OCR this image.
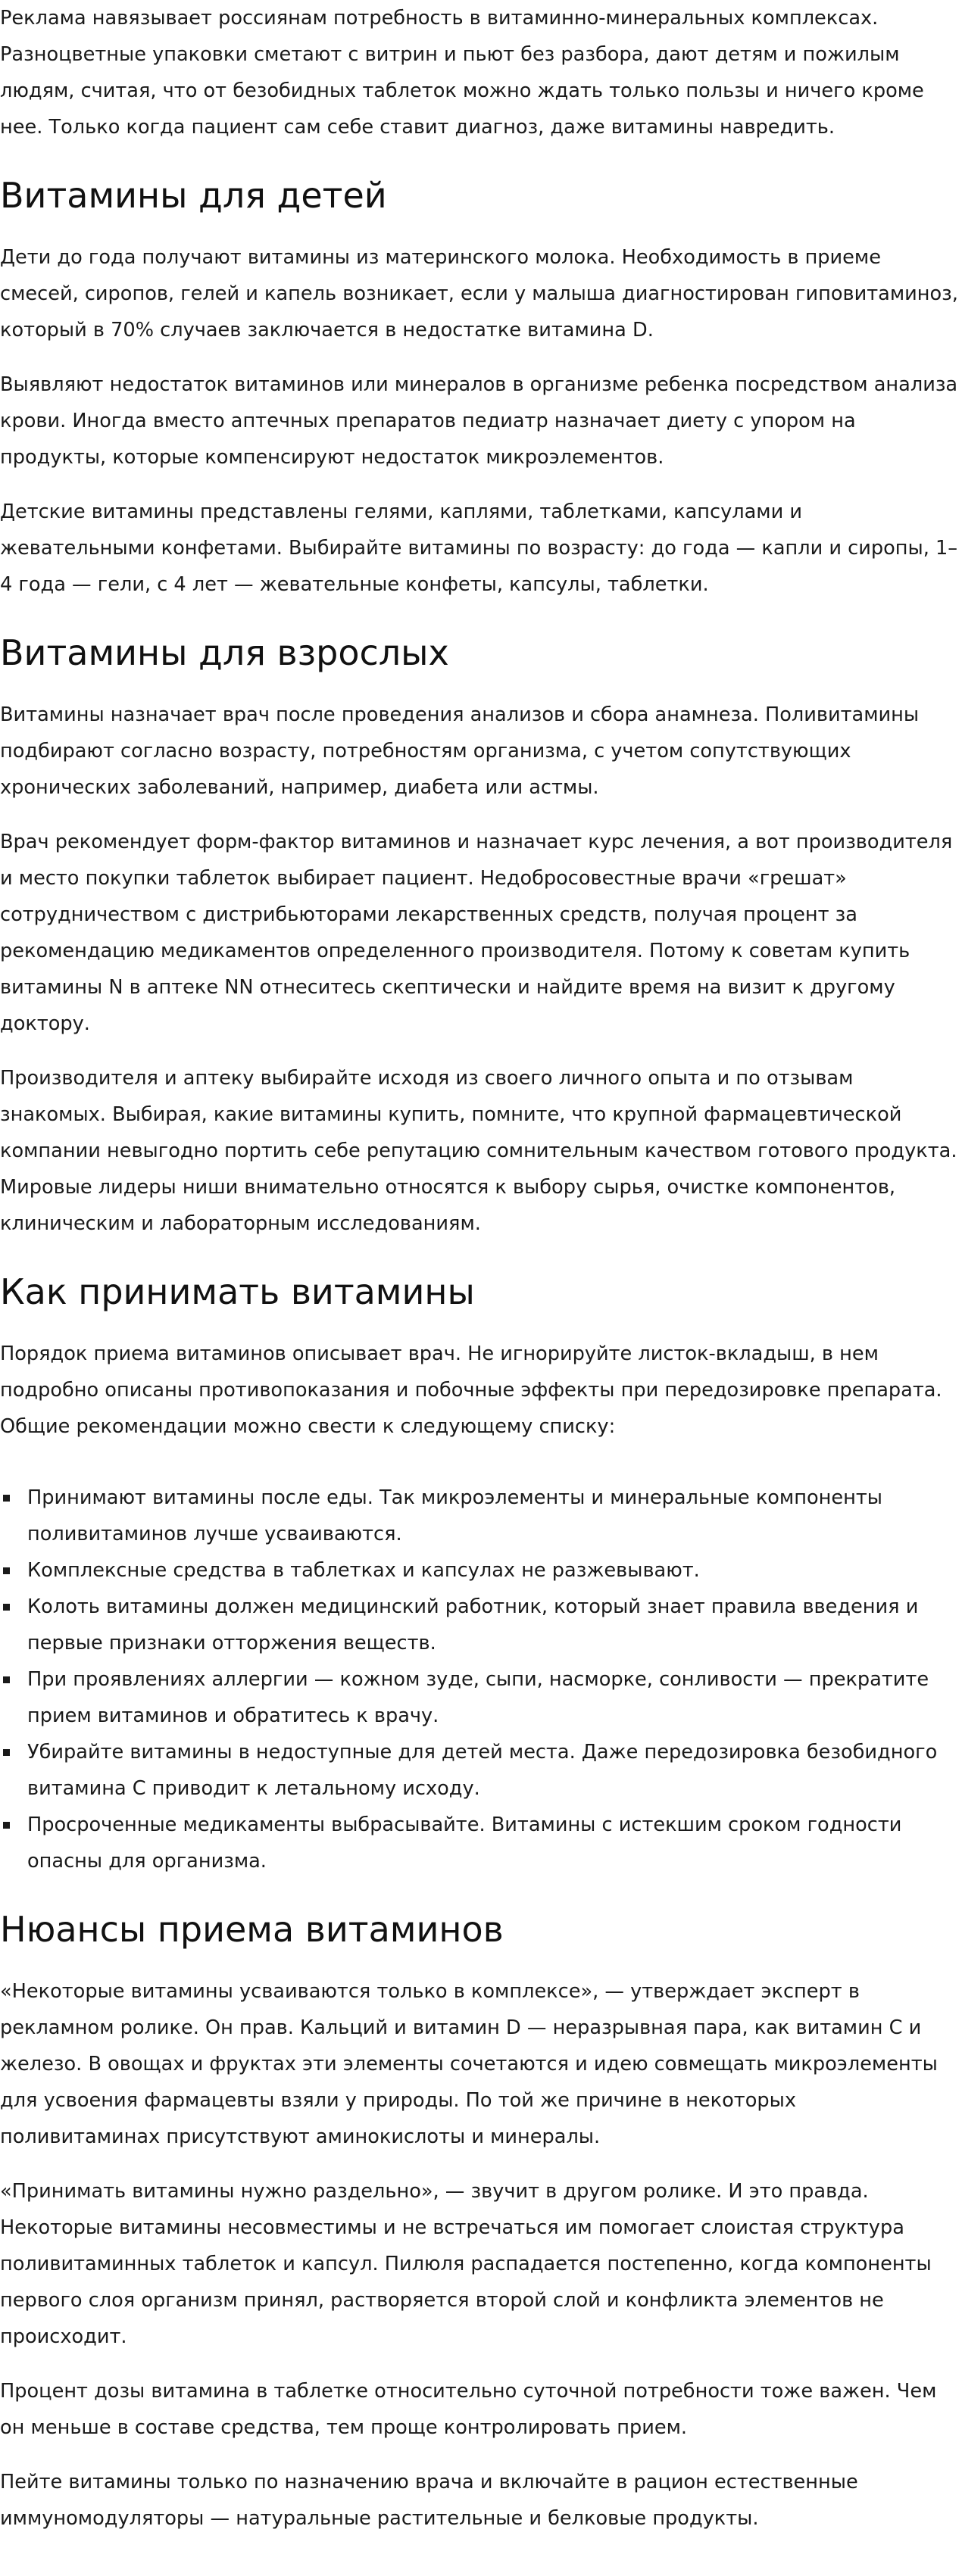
Реклама навязывает россиянам потребность в витаминно-минеральных комплексах. Разноцветные упаковки сметают с витрин и пьют без разбора, дают детям и пожилым людям, считая, что от безобидных таблеток можно ждать только пользы и ничего кроме нее. Только когда пациент сам себе ставит диагноз, даже витамины навредить.

Витамины для детей

Дети до года получают витамины из материнского молока. Необходимость в приеме смесей, сиропов, гелей и капель возникает, если у малыша диагностирован гиповитаминоз, который в 70% случаев заключается в недостатке витамина D.

Выявляют недостаток витаминов или минералов в организме ребенка посредством анализа крови. Иногда вместо аптечных препаратов педиатр назначает диету с упором на продукты, которые компенсируют недостаток микроэлементов.

Детские витамины представлены гелями, каплями, таблетками, капсулами и жевательными конфетами. Выбирайте витамины по возрасту: до года — капли и сиропы, 1–4 года — гели, с 4 лет — жевательные конфеты, капсулы, таблетки.

Витамины для взрослых

Витамины назначает врач после проведения анализов и сбора анамнеза. Поливитамины подбирают согласно возрасту, потребностям организма, с учетом сопутствующих хронических заболеваний, например, диабета или астмы.

Врач рекомендует форм-фактор витаминов и назначает курс лечения, а вот производителя и место покупки таблеток выбирает пациент. Недобросовестные врачи «грешат» сотрудничеством с дистрибьюторами лекарственных средств, получая процент за рекомендацию медикаментов определенного производителя. Потому к советам купить витамины N в аптеке NN отнеситесь скептически и найдите время на визит к другому доктору.

Производителя и аптеку выбирайте исходя из своего личного опыта и по отзывам знакомых. Выбирая, какие витамины купить, помните, что крупной фармацевтической компании невыгодно портить себе репутацию сомнительным качеством готового продукта. Мировые лидеры ниши внимательно относятся к выбору сырья, очистке компонентов, клиническим и лабораторным исследованиям.

Как принимать витамины

Порядок приема витаминов описывает врач. Не игнорируйте листок-вкладыш, в нем подробно описаны противопоказания и побочные эффекты при передозировке препарата. Общие рекомендации можно свести к следующему списку:

Принимают витамины после еды. Так микроэлементы и минеральные компоненты поливитаминов лучше усваиваются.
Комплексные средства в таблетках и капсулах не разжевывают.
Колоть витамины должен медицинский работник, который знает правила введения и первые признаки отторжения веществ.
При проявлениях аллергии — кожном зуде, сыпи, насморке, сонливости — прекратите прием витаминов и обратитесь к врачу.
Убирайте витамины в недоступные для детей места. Даже передозировка безобидного витамина С приводит к летальному исходу.
Просроченные медикаменты выбрасывайте. Витамины с истекшим сроком годности опасны для организма.
Нюансы приема витаминов

«Некоторые витамины усваиваются только в комплексе», — утверждает эксперт в рекламном ролике. Он прав. Кальций и витамин D — неразрывная пара, как витамин С и железо. В овощах и фруктах эти элементы сочетаются и идею совмещать микроэлементы для усвоения фармацевты взяли у природы. По той же причине в некоторых поливитаминах присутствуют аминокислоты и минералы.

«Принимать витамины нужно раздельно», — звучит в другом ролике. И это правда. Некоторые витамины несовместимы и не встречаться им помогает слоистая структура поливитаминных таблеток и капсул. Пилюля распадается постепенно, когда компоненты первого слоя организм принял, растворяется второй слой и конфликта элементов не происходит.

Процент дозы витамина в таблетке относительно суточной потребности тоже важен. Чем он меньше в составе средства, тем проще контролировать прием.

Пейте витамины только по назначению врача и включайте в рацион естественные иммуномодуляторы — натуральные растительные и белковые продукты.
